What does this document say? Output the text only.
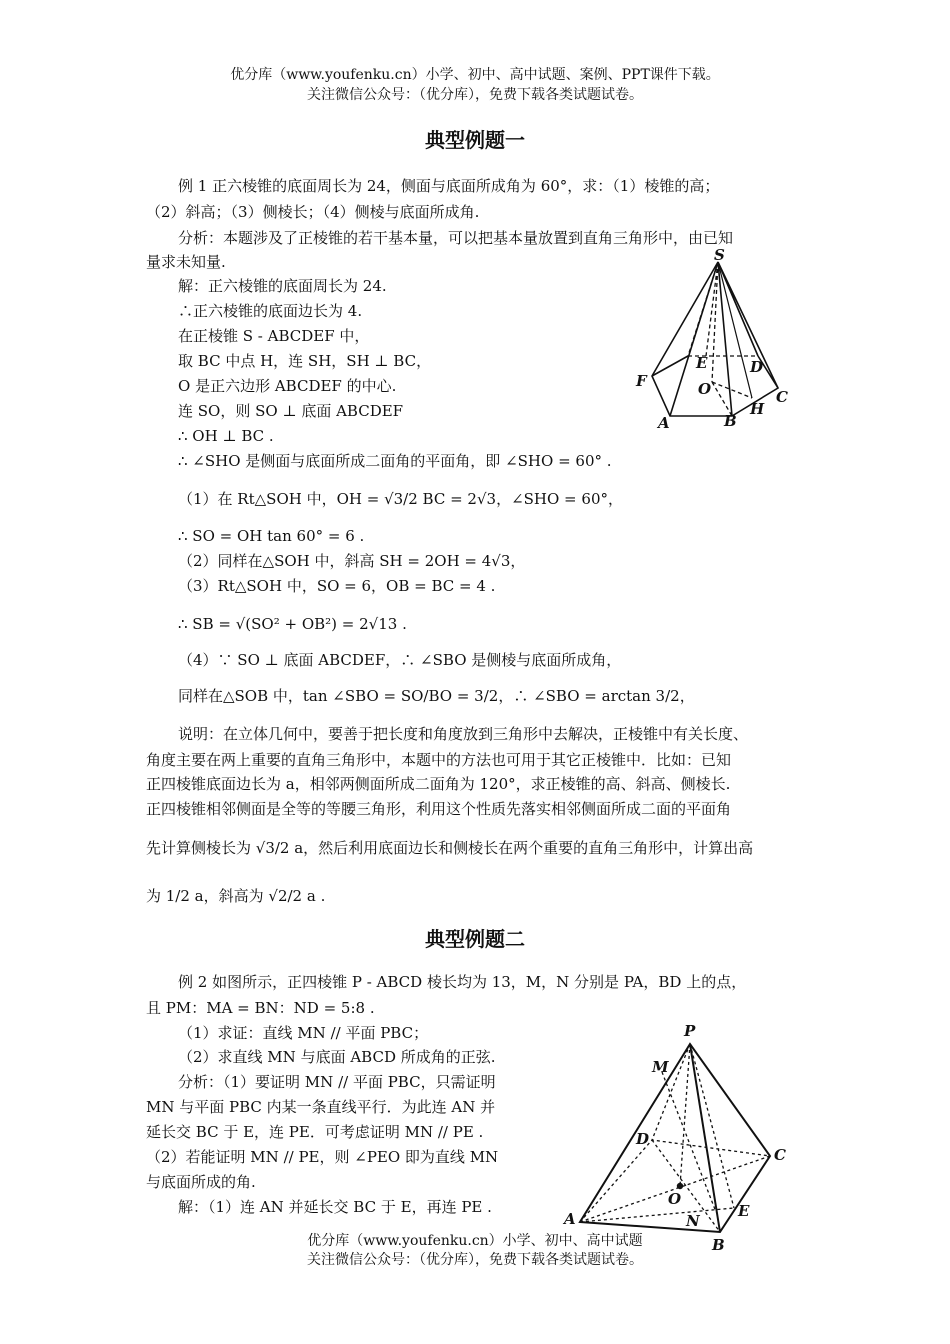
优分库（www.youfenku.cn）小学、初中、高中试题、案例、PPT课件下载。
关注微信公众号：（优分库），免费下载各类试题试卷。
典型例题一
例 1 正六棱锥的底面周长为 24，侧面与底面所成角为 60°，求：（1）棱锥的高；
（2）斜高；（3）侧棱长；（4）侧棱与底面所成角.
分析：本题涉及了正棱锥的若干基本量，可以把基本量放置到直角三角形中，由已知
量求未知量.
解：正六棱锥的底面周长为 24.
∴正六棱锥的底面边长为 4.
在正棱锥 S - ABCDEF 中，
取 BC 中点 H，连 SH，SH ⊥ BC，
O 是正六边形 ABCDEF 的中心.
连 SO，则 SO ⊥ 底面 ABCDEF
∴ OH ⊥ BC .
∴ ∠SHO 是侧面与底面所成二面角的平面角，即 ∠SHO = 60° .
（1）在 Rt△SOH 中，OH = √3/2 BC = 2√3，∠SHO = 60°，
∴ SO = OH tan 60° = 6 .
（2）同样在△SOH 中，斜高 SH = 2OH = 4√3，
（3）Rt△SOH 中，SO = 6，OB = BC = 4 .
∴ SB = √(SO² + OB²) = 2√13 .
（4）∵ SO ⊥ 底面 ABCDEF，∴ ∠SBO 是侧棱与底面所成角，
同样在△SOB 中，tan ∠SBO = SO/BO = 3/2，∴ ∠SBO = arctan 3/2，
说明：在立体几何中，要善于把长度和角度放到三角形中去解决，正棱锥中有关长度、
角度主要在两上重要的直角三角形中，本题中的方法也可用于其它正棱锥中．比如：已知
正四棱锥底面边长为 a，相邻两侧面所成二面角为 120°，求正棱锥的高、斜高、侧棱长.
正四棱锥相邻侧面是全等的等腰三角形，利用这个性质先落实相邻侧面所成二面的平面角
先计算侧棱长为 √3/2 a，然后利用底面边长和侧棱长在两个重要的直角三角形中，计算出高
为 1/2 a，斜高为 √2/2 a .
典型例题二
例 2 如图所示，正四棱锥 P - ABCD 棱长均为 13，M，N 分别是 PA，BD 上的点，
且 PM：MA = BN：ND = 5:8 .
（1）求证：直线 MN // 平面 PBC；
（2）求直线 MN 与底面 ABCD 所成角的正弦.
分析：（1）要证明 MN // 平面 PBC，只需证明
MN 与平面 PBC 内某一条直线平行．为此连 AN 并
延长交 BC 于 E，连 PE．可考虑证明 MN // PE .
（2）若能证明 MN // PE，则 ∠PEO 即为直线 MN
与底面所成的角.
解：（1）连 AN 并延长交 BC 于 E，再连 PE .
S
E	D
F	O	C
H
A	B
P
M
D
C
O
A	N
E
B
优分库（www.youfenku.cn）小学、初中、高中试题
关注微信公众号：（优分库），免费下载各类试题试卷。
